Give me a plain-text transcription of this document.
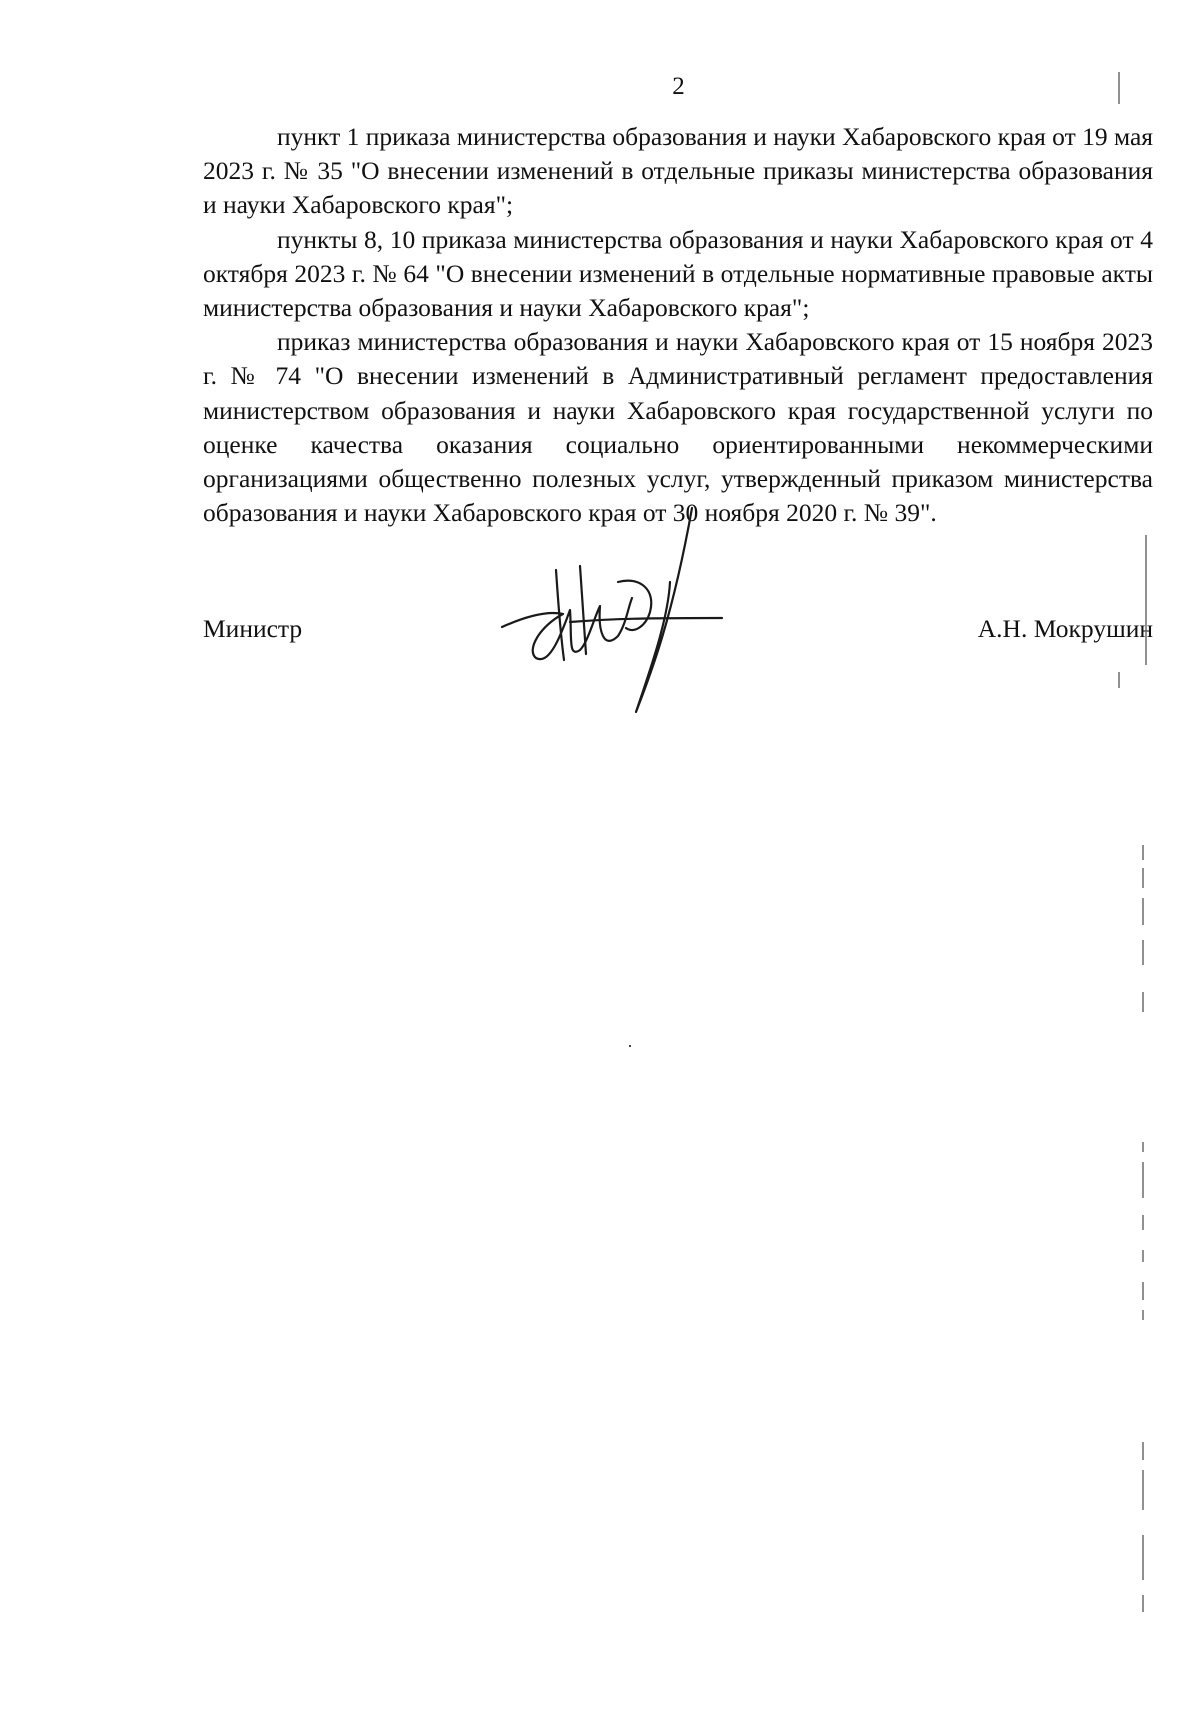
2

пункт 1 приказа министерства образования и науки Хабаровского края от 19 мая 2023 г. № 35 "О внесении изменений в отдельные приказы министерства образования и науки Хабаровского края";

пункты 8, 10 приказа министерства образования и науки Хабаровского края от 4 октября 2023 г. № 64 "О внесении изменений в отдельные нормативные правовые акты министерства образования и науки Хабаровского края";

приказ министерства образования и науки Хабаровского края от 15 ноября 2023 г. № 74 "О внесении изменений в Административный регламент предоставления министерством образования и науки Хабаровского края государственной услуги по оценке качества оказания социально ориентированными некоммерческими организациями общественно полезных услуг, утвержденный приказом министерства образования и науки Хабаровского края от 30 ноября 2020 г. № 39".

Министр	А.Н. Мокрушин
